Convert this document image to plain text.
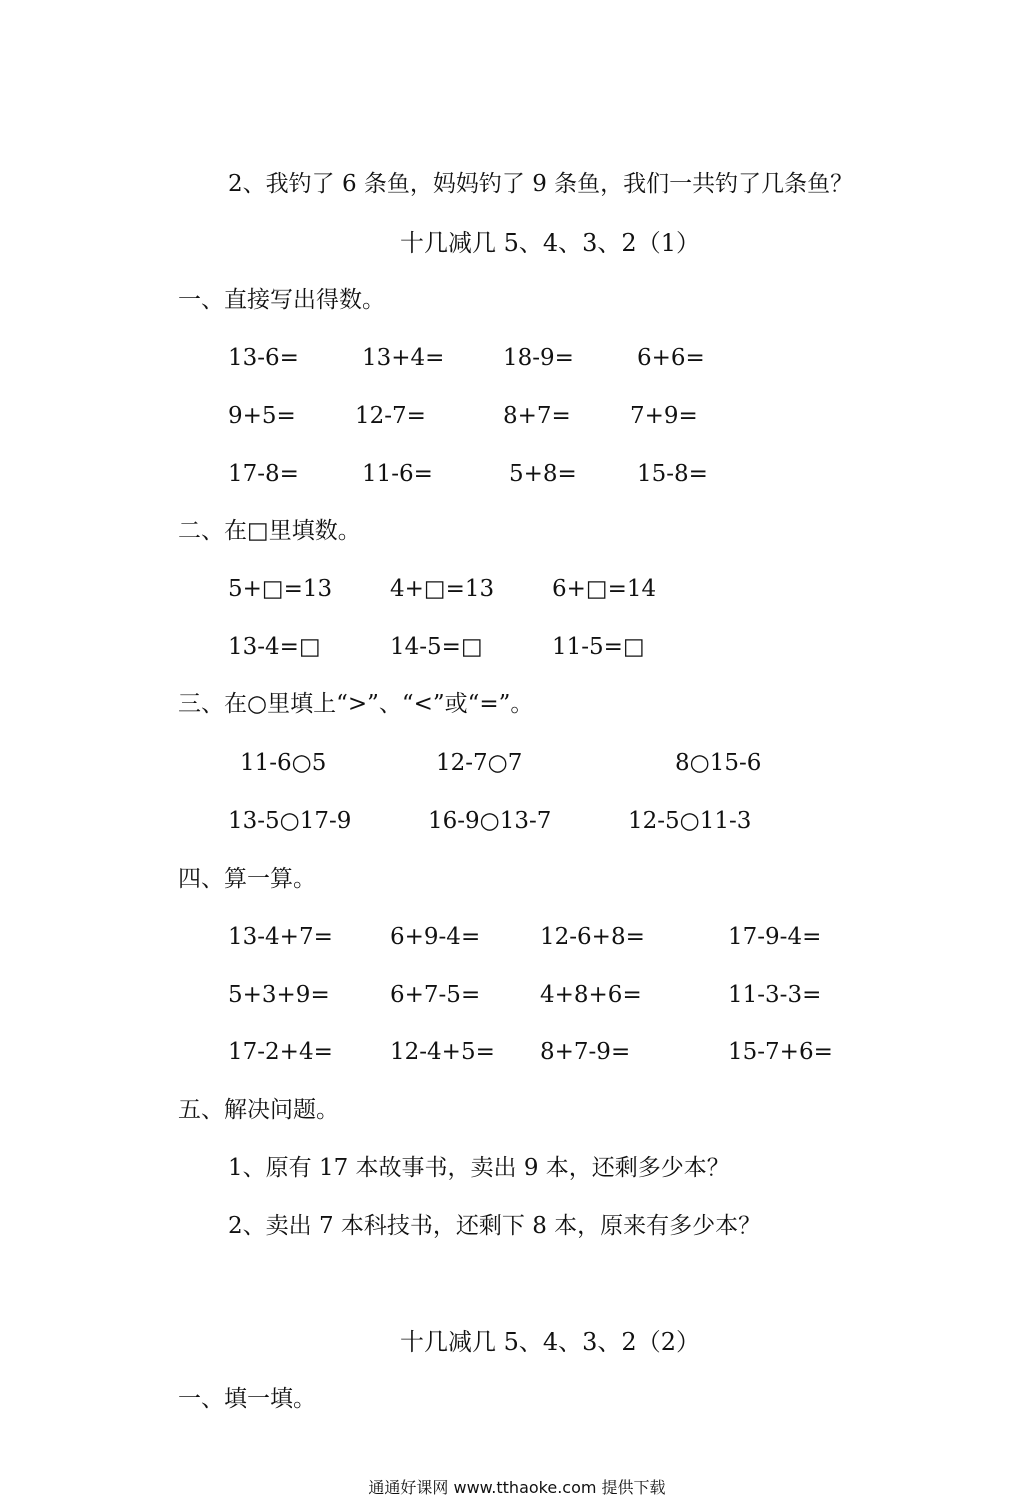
2、我钓了 6 条鱼，妈妈钓了 9 条鱼，我们一共钓了几条鱼？
十几减几 5、4、3、2（1）
一、直接写出得数。
13-6=	13+4=	18-9=	6+6=
9+5=	12-7=	8+7=	7+9=
17-8=	11-6=	5+8=	15-8=
二、在□里填数。
5+□=13	4+□=13	6+□=14
13-4=□	14-5=□	11-5=□
三、在○里填上“>”、“<”或“=”。
11-6○5	12-7○7	8○15-6
13-5○17-9	16-9○13-7	12-5○11-3
四、算一算。
13-4+7= 6+9-4=	12-6+8=	17-9-4=
5+3+9=	6+7-5=	4+8+6=	11-3-3=
17-2+4= 12-4+5= 8+7-9=	15-7+6=
五、解决问题。
1、原有 17 本故事书，卖出 9 本，还剩多少本？
2、卖出 7 本科技书，还剩下 8 本，原来有多少本？
十几减几 5、4、3、2（2）
一、填一填。
通通好课网 www.tthaoke.com 提供下载
